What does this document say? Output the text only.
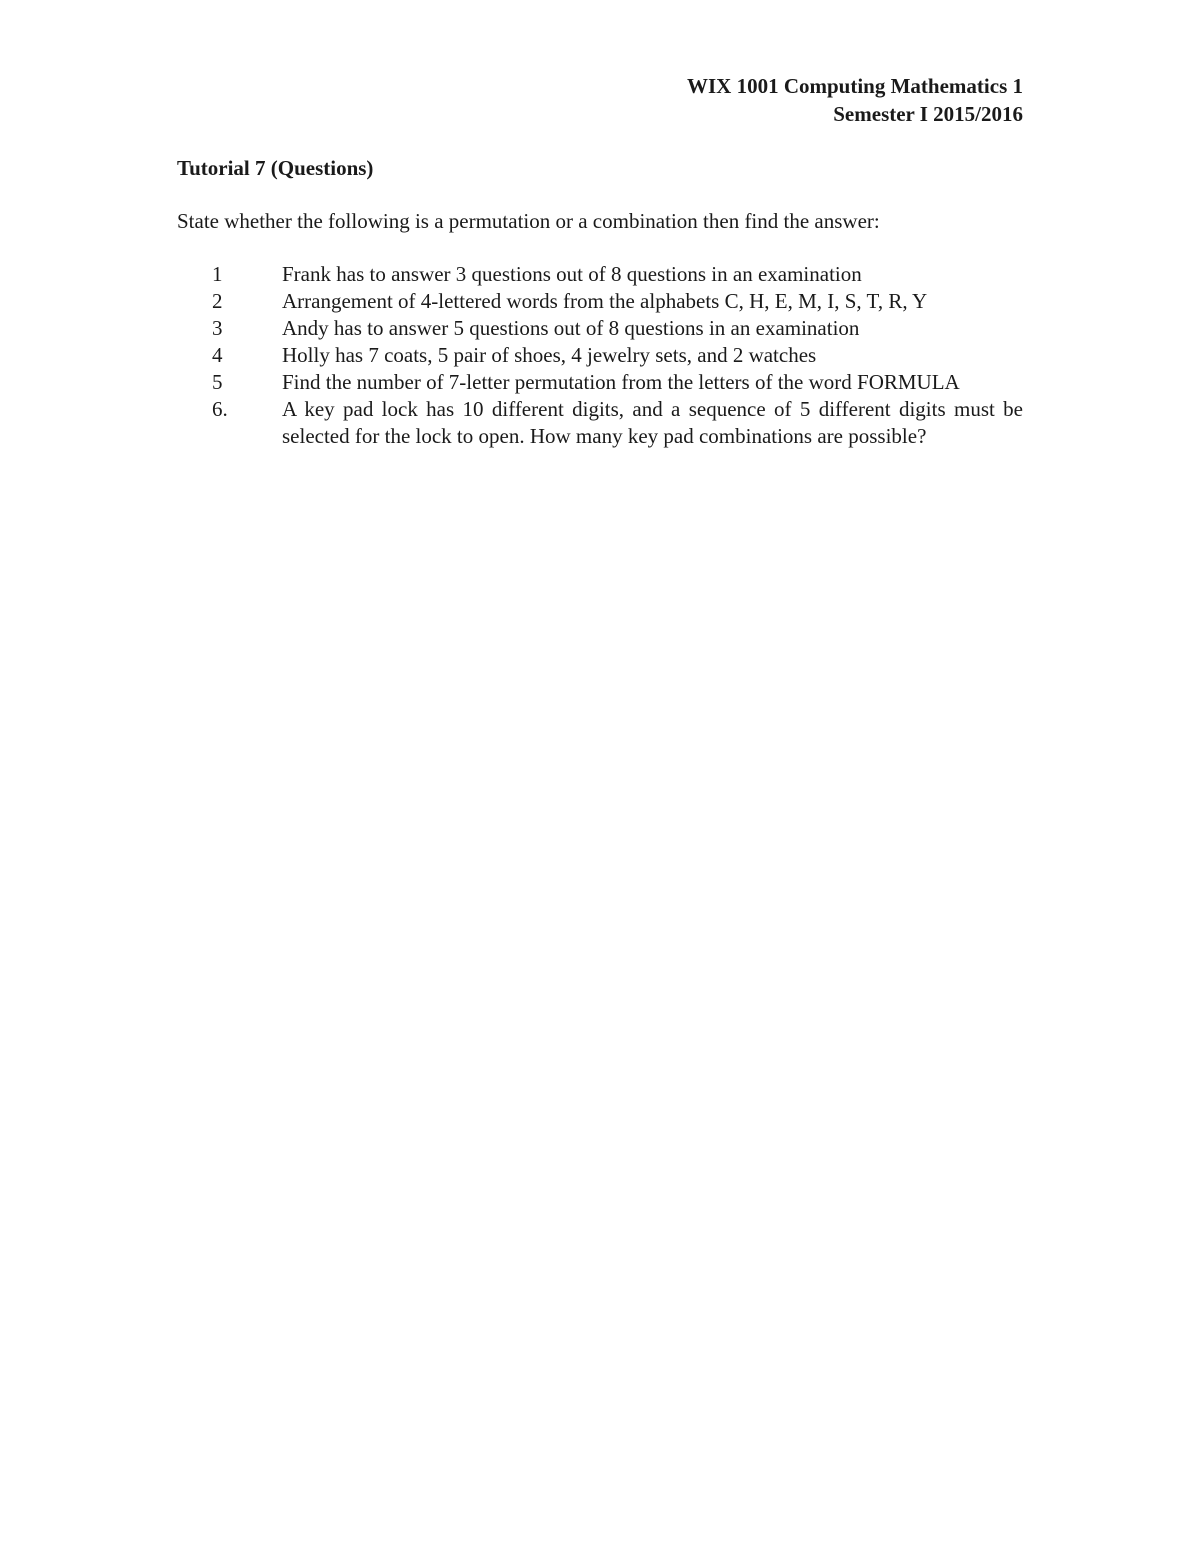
WIX 1001 Computing Mathematics 1
Semester I 2015/2016
Tutorial 7 (Questions)
State whether the following is a permutation or a combination then find the answer:
1	Frank has to answer 3 questions out of 8 questions in an examination
2	Arrangement of 4-lettered words from the alphabets C, H, E, M, I, S, T, R, Y
3	Andy has to answer 5 questions out of 8 questions in an examination
4	Holly has 7 coats, 5 pair of shoes, 4 jewelry sets, and 2 watches
5	Find the number of 7-letter permutation from the letters of the word FORMULA
6.	A key pad lock has 10 different digits, and a sequence of 5 different digits must be selected for the lock to open. How many key pad combinations are possible?
